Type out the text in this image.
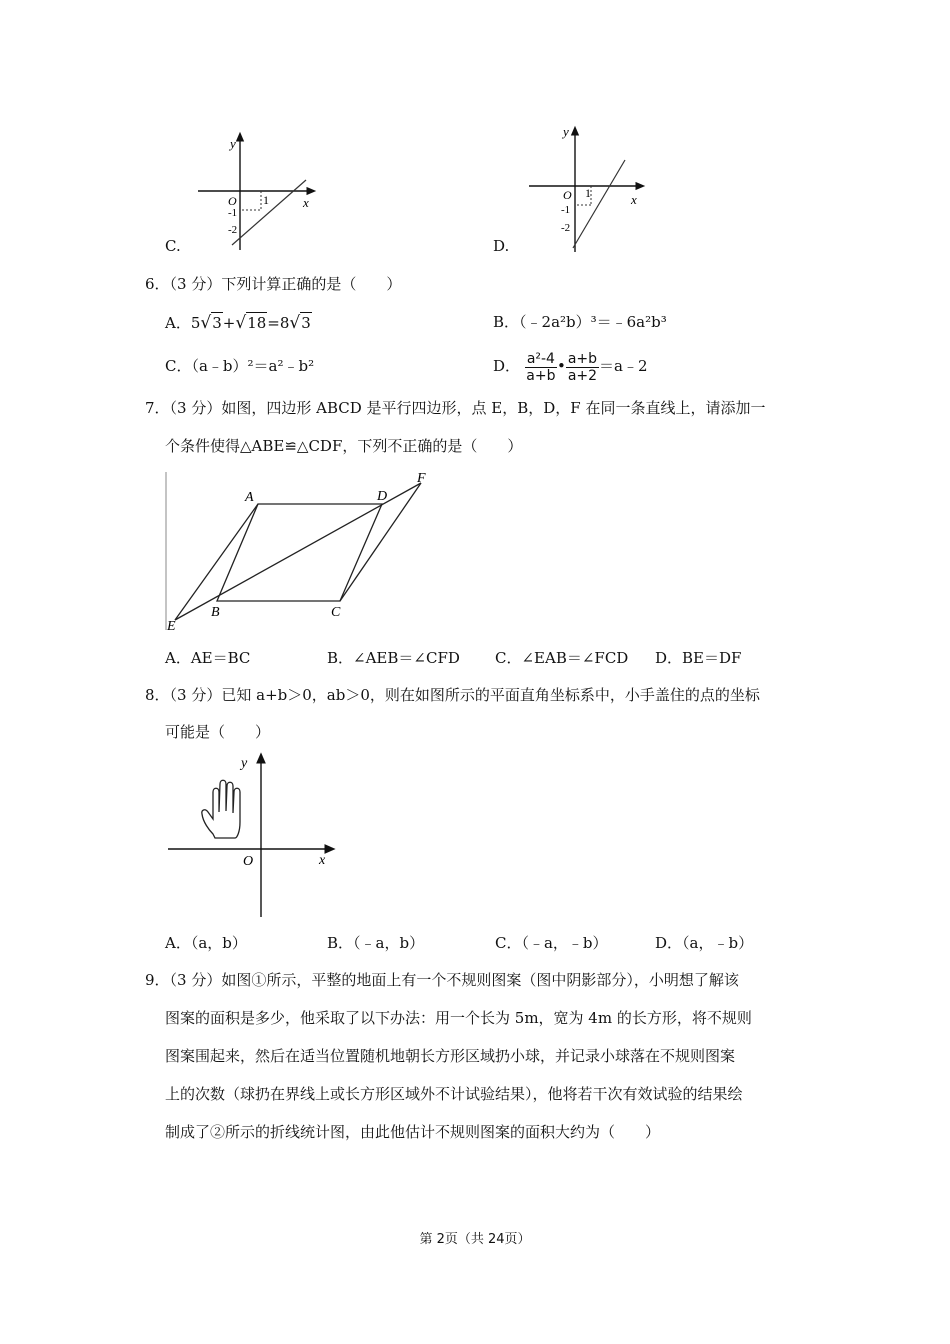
C.
y
x
O 1
-1
-2
D.
y
x
O 1
-1
-2
6．（3 分）下列计算正确的是（　　）
A．5√3+√18=8√3	B．（﹣2a²b）³＝﹣6a²b³
C．（a﹣b）²＝a²﹣b²	D． $\frac{\text{a²-4}}{a+b}$ • $\frac{a+b}{a+2}$ ＝a﹣2
7．（3 分）如图，四边形 ABCD 是平行四边形，点 E，B，D，F 在同一条直线上，请添加一
个条件使得△ABE≌△CDF，下列不正确的是（　　）
A	D
F
B	C
E
A．AE＝BC	B．∠AEB＝∠CFD C．∠EAB＝∠FCD D．BE＝DF
8．（3 分）已知 a+b＞0，ab＞0，则在如图所示的平面直角坐标系中，小手盖住的点的坐标
可能是（　　）
y
x
O
A．（a，b）	B．（﹣a，b）	C．（﹣a，﹣b）	D．（a，﹣b）
9．（3 分）如图①所示，平整的地面上有一个不规则图案（图中阴影部分），小明想了解该
图案的面积是多少，他采取了以下办法：用一个长为 5m，宽为 4m 的长方形，将不规则
图案围起来，然后在适当位置随机地朝长方形区域扔小球，并记录小球落在不规则图案
上的次数（球扔在界线上或长方形区域外不计试验结果），他将若干次有效试验的结果绘
制成了②所示的折线统计图，由此他估计不规则图案的面积大约为（　　）
第 2页（共 24页）
